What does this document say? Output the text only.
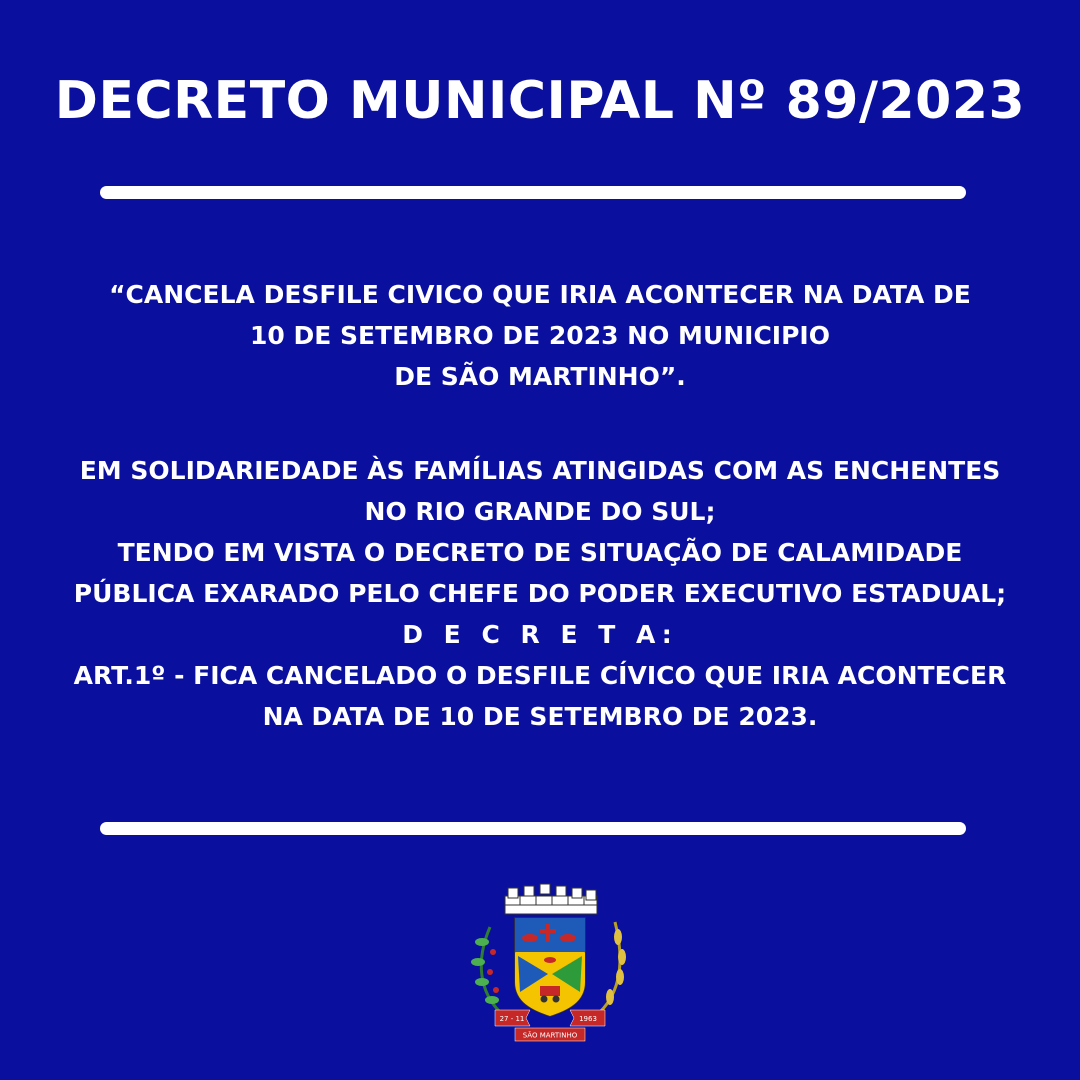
DECRETO MUNICIPAL Nº 89/2023
“CANCELA DESFILE CIVICO QUE IRIA ACONTECER NA DATA DE
10 DE SETEMBRO DE 2023 NO MUNICIPIO
DE SÃO MARTINHO”.
EM SOLIDARIEDADE ÀS FAMÍLIAS ATINGIDAS COM AS ENCHENTES
NO RIO GRANDE DO SUL;
TENDO EM VISTA O DECRETO DE SITUAÇÃO DE CALAMIDADE
PÚBLICA EXARADO PELO CHEFE DO PODER EXECUTIVO ESTADUAL;
D E C R E T A:
ART.1º - FICA CANCELADO O DESFILE CÍVICO QUE IRIA ACONTECER
NA DATA DE 10 DE SETEMBRO DE 2023.
27 - 11	1963
SÃO MARTINHO
